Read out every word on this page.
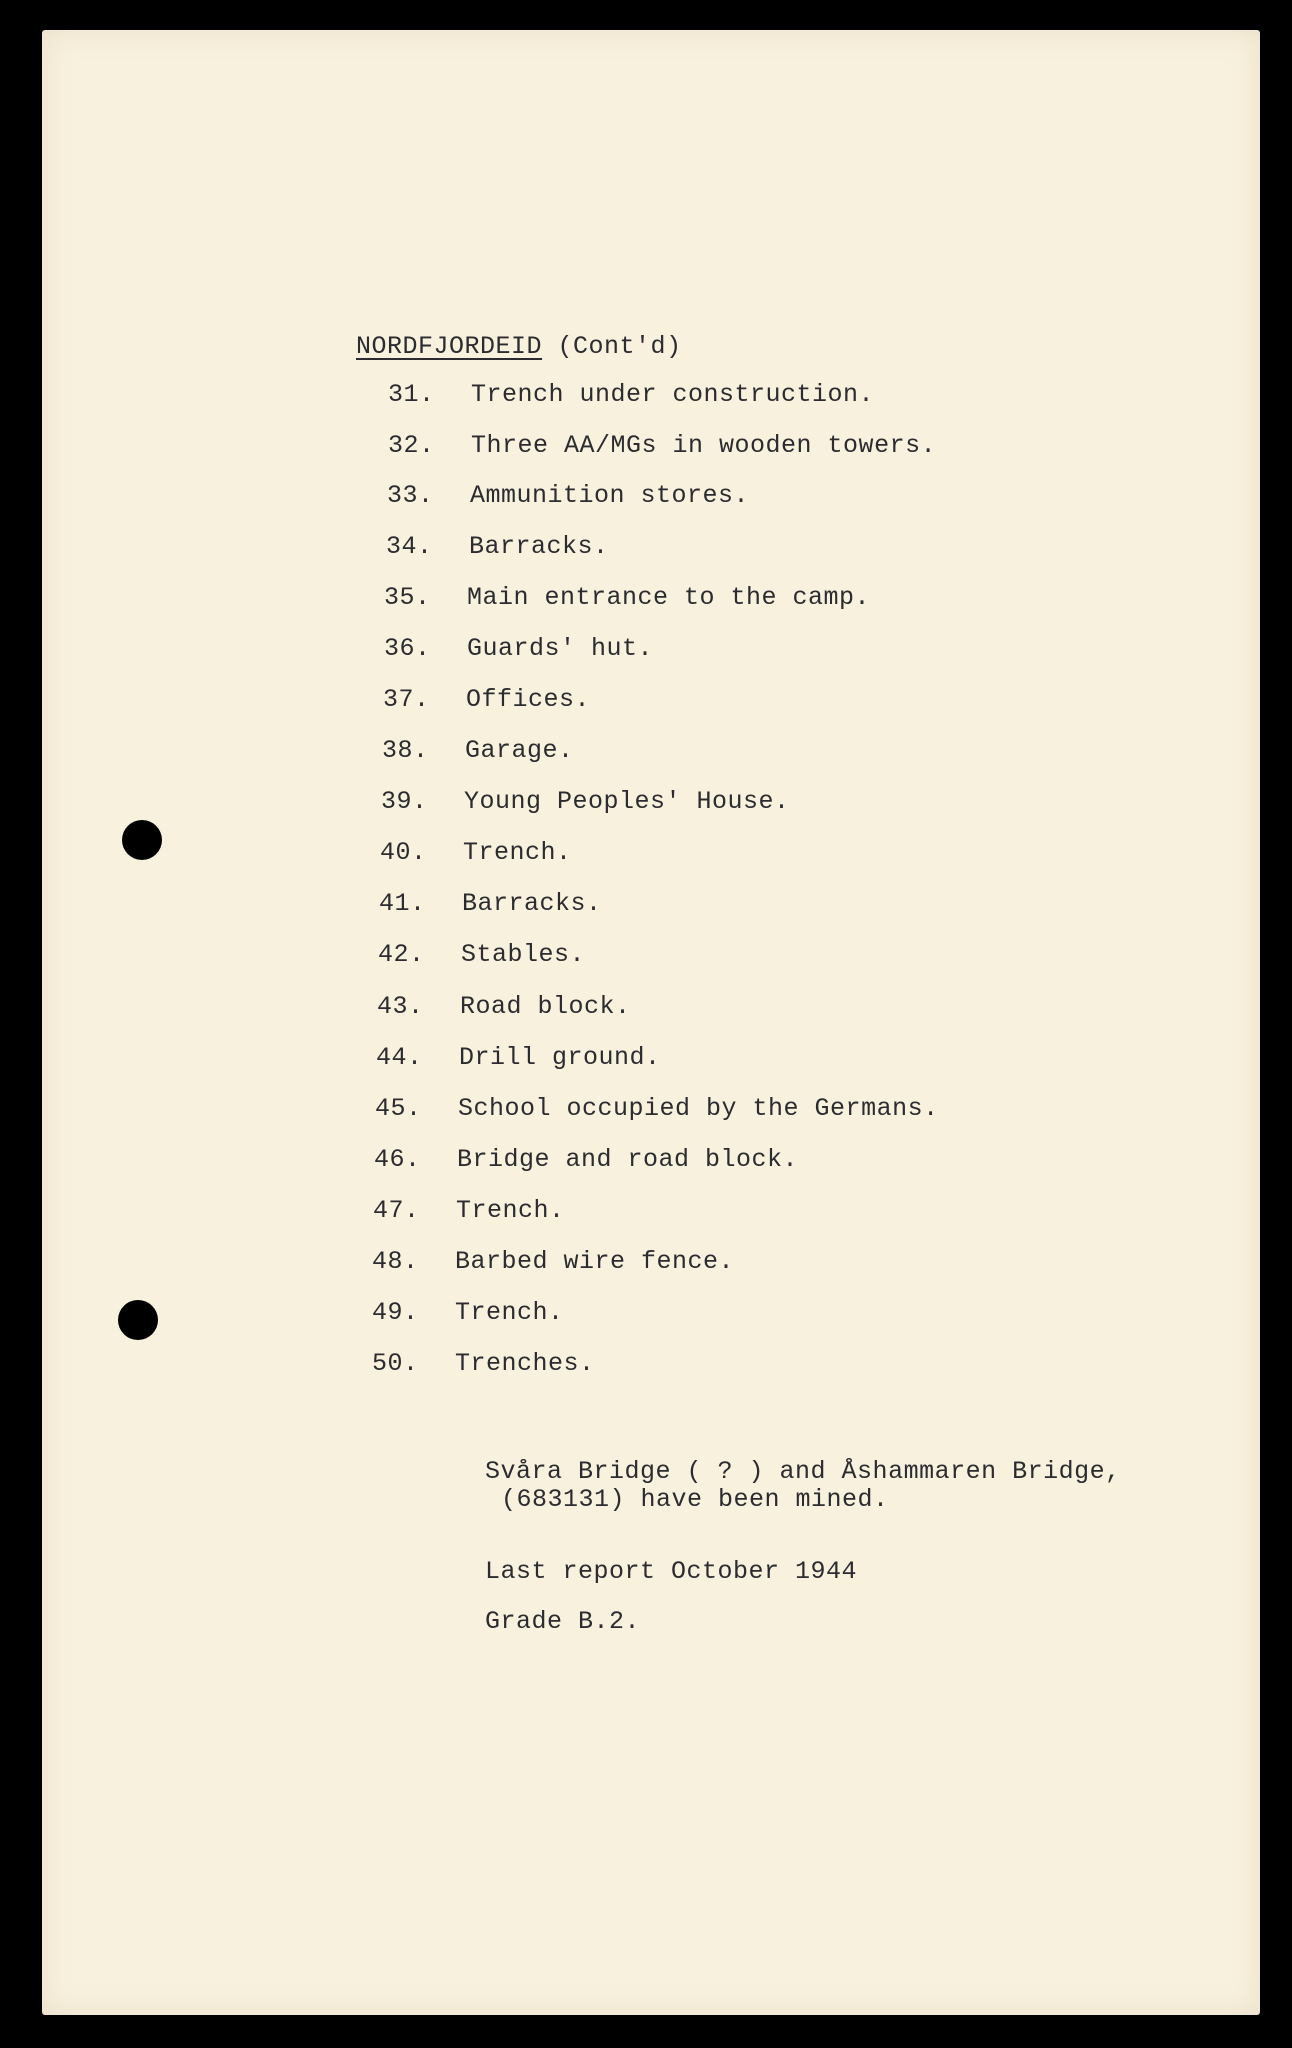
NORDFJORDEID (Cont'd)
31. Trench under construction.
32. Three AA/MGs in wooden towers.
33. Ammunition stores.
34. Barracks.
35. Main entrance to the camp.
36. Guards' hut.
37. Offices.
38. Garage.
39. Young Peoples' House.
40. Trench.
41. Barracks.
42. Stables.
43. Road block.
44. Drill ground.
45. School occupied by the Germans.
46. Bridge and road block.
47. Trench.
48. Barbed wire fence.
49. Trench.
50. Trenches.
Svåra Bridge ( ? ) and Åshammaren Bridge,
(683131) have been mined.
Last report October 1944
Grade B.2.
